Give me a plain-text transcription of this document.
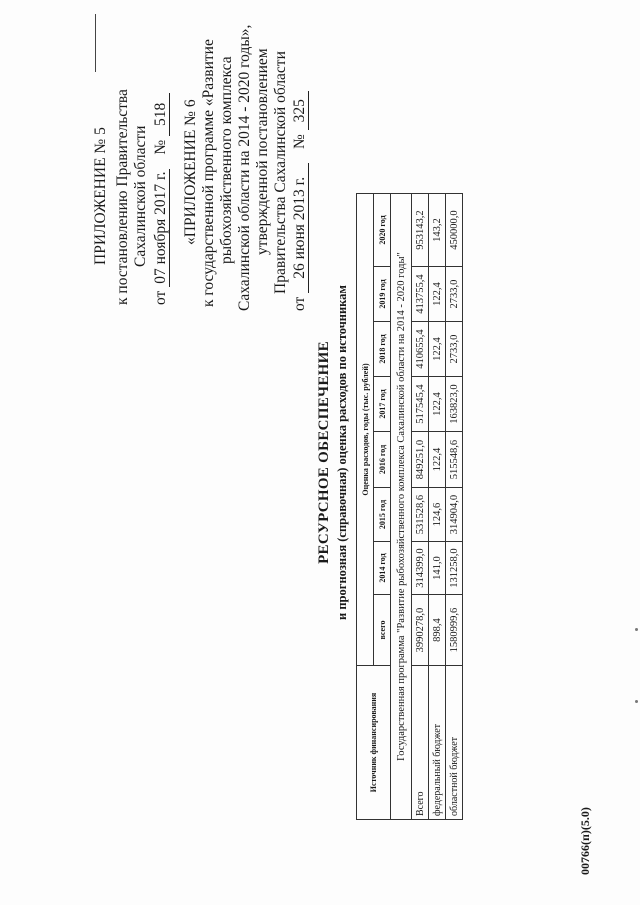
ПРИЛОЖЕНИЕ № 5 к постановлению Правительства Сахалинской области
от 07 ноября 2017 г. № 518 «ПРИЛОЖЕНИЕ № 6 к государственной программе «Развитие рыбохозяйственного комплекса Сахалинской области на 2014 - 2020 годы», утвержденной постановлением Правительства Сахалинской области
от 26 июня 2013 г. № 325
РЕСУРСНОЕ ОБЕСПЕЧЕНИЕ и прогнозная (справочная) оценка расходов по источникам
Источник финансирования	Оценка расходов, годы (тыс. рублей)							
	всего	2014 год	2015 год	2016 год	2017 год	2018 год	2019 год	2020 год
Государственная программа "Развитие рыбохозяйственного комплекса Сахалинской области на 2014 - 2020 годы"								
Всего	3990278,0	314399,0	531528,6	849251,0	517545,4	410655,4	413755,4	953143,2
федеральный бюджет	898,4	141,0	124,6	122,4	122,4	122,4	122,4	143,2
областной бюджет	1580999,6	131258,0	314904,0	515548,6	163823,0	2733,0	2733,0	450000,0
00766(п)(5.0)
